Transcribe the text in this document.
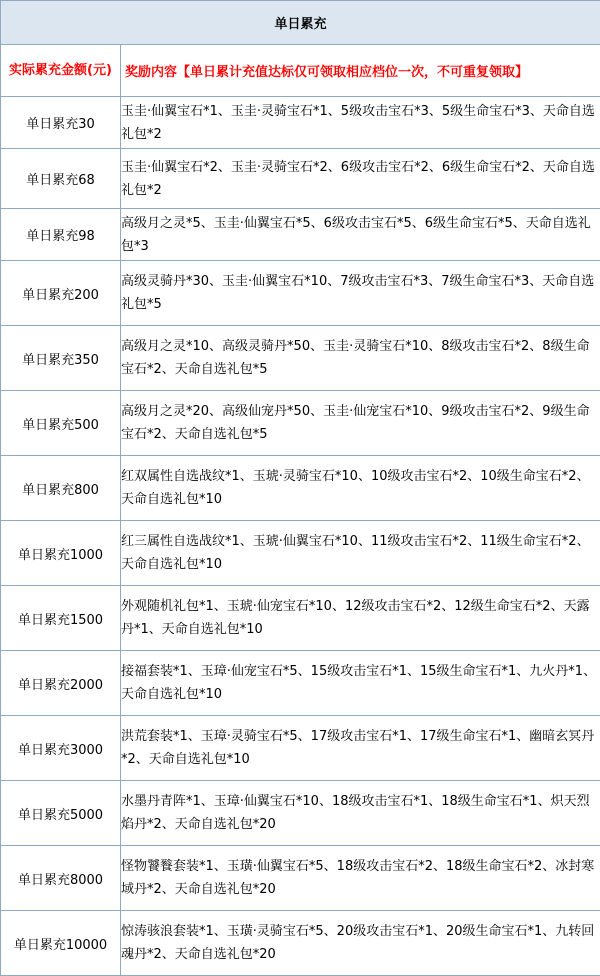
单日累充	
实际累充金额(元)	奖励内容【单日累计充值达标仅可领取相应档位一次，不可重复领取】
单日累充30	玉圭·仙翼宝石*1、玉圭·灵骑宝石*1、5级攻击宝石*3、5级生命宝石*3、天命自选礼包*2
单日累充68	玉圭·仙翼宝石*2、玉圭·灵骑宝石*2、6级攻击宝石*2、6级生命宝石*2、天命自选礼包*2
单日累充98	高级月之灵*5、玉圭·仙翼宝石*5、6级攻击宝石*5、6级生命宝石*5、天命自选礼包*3
单日累充200	高级灵骑丹*30、玉圭·仙翼宝石*10、7级攻击宝石*3、7级生命宝石*3、天命自选礼包*5
单日累充350	高级月之灵*10、高级灵骑丹*50、玉圭·灵骑宝石*10、8级攻击宝石*2、8级生命宝石*2、天命自选礼包*5
单日累充500	高级月之灵*20、高级仙宠丹*50、玉圭·仙宠宝石*10、9级攻击宝石*2、9级生命宝石*2、天命自选礼包*5
单日累充800	红双属性自选战纹*1、玉琥·灵骑宝石*10、10级攻击宝石*2、10级生命宝石*2、天命自选礼包*10
单日累充1000	红三属性自选战纹*1、玉琥·仙翼宝石*10、11级攻击宝石*2、11级生命宝石*2、天命自选礼包*10
单日累充1500	外观随机礼包*1、玉琥·仙宠宝石*10、12级攻击宝石*2、12级生命宝石*2、天露丹*1、天命自选礼包*10
单日累充2000	接福套装*1、玉璋·仙宠宝石*5、15级攻击宝石*1、15级生命宝石*1、九火丹*1、天命自选礼包*10
单日累充3000	洪荒套装*1、玉璋·灵骑宝石*5、17级攻击宝石*1、17级生命宝石*1、幽暗玄冥丹*2、天命自选礼包*10
单日累充5000	水墨丹青阵*1、玉璋·仙翼宝石*10、18级攻击宝石*1、18级生命宝石*1、炽天烈焰丹*2、天命自选礼包*20
单日累充8000	怪物饕餮套装*1、玉璜·仙翼宝石*5、18级攻击宝石*2、18级生命宝石*2、冰封寒域丹*2、天命自选礼包*20
单日累充10000	惊涛骇浪套装*1、玉璜·灵骑宝石*5、20级攻击宝石*1、20级生命宝石*1、九转回魂丹*2、天命自选礼包*20
